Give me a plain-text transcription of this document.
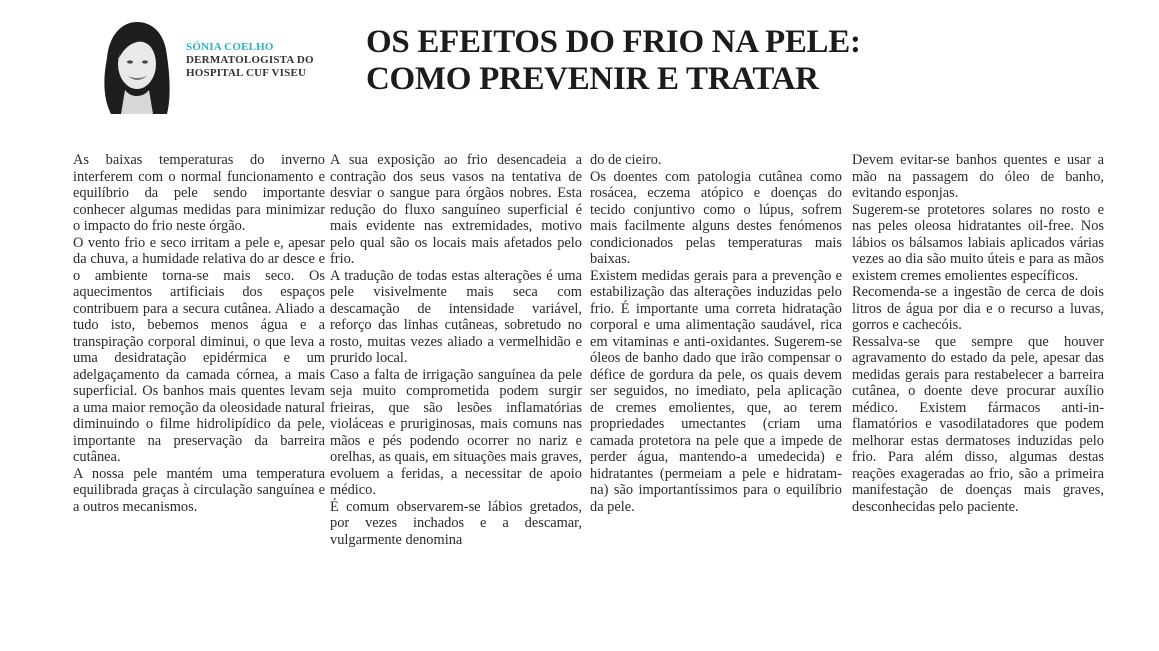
SÓNIA COELHO
DERMATOLOGISTA DO
HOSPITAL CUF VISEU
OS EFEITOS DO FRIO NA PELE:
COMO PREVENIR E TRATAR

As baixas temperaturas do inverno interferem com o normal funcionamento e equilíbrio da pele sendo importante conhecer algumas medidas para minimizar o impacto do frio neste órgão.

O vento frio e seco irritam a pele e, apesar da chuva, a humidade relativa do ar desce e o ambiente torna-se mais seco. Os aquecimentos artificiais dos espaços contribuem para a secura cutânea. Aliado a tudo isto, bebemos menos água e a transpiração corporal diminui, o que leva a uma desidratação epidérmica e um adelgaçamento da camada córnea, a mais superficial. Os banhos mais quentes levam a uma maior remoção da oleosidade natural diminuindo o filme hidrolipídico da pele, importante na preservação da barreira cutânea.

A nossa pele mantém uma temperatura equilibrada graças à circulação sanguínea e a outros mecanismos.

A sua exposição ao frio desencadeia a contração dos seus vasos na tentativa de desviar o sangue para órgãos nobres. Esta redução do fluxo sanguíneo superficial é mais evidente nas extremidades, motivo pelo qual são os locais mais afetados pelo frio.

A tradução de todas estas alterações é uma pele visivelmente mais seca com descamação de intensidade variável, reforço das linhas cutâneas, sobretudo no rosto, muitas vezes aliado a vermelhidão e prurido local.

Caso a falta de irrigação sanguínea da pele seja muito comprometida podem surgir frieiras, que são lesões inflamatórias violáceas e pruriginosas, mais comuns nas mãos e pés podendo ocorrer no nariz e orelhas, as quais, em situações mais graves, evoluem a feridas, a necessitar de apoio médico.

É comum observarem-se lábios gretados, por vezes inchados e a descamar, vulgarmente denomina

do de cieiro.

Os doentes com patologia cutânea como rosácea, eczema atópico e doenças do tecido conjuntivo como o lúpus, sofrem mais facilmente alguns destes fenómenos condicionados pelas temperaturas mais baixas.

Existem medidas gerais para a prevenção e estabilização das alterações induzidas pelo frio. É importante uma correta hidratação corporal e uma alimentação saudável, rica em vitaminas e anti-oxidantes. Sugerem-se óleos de banho dado que irão compensar o défice de gordura da pele, os quais devem ser seguidos, no imediato, pela aplicação de cremes emolientes, que, ao terem propriedades umectantes (criam uma camada protetora na pele que a impede de perder água, mantendo-a umedecida) e hidratantes (permeiam a pele e hidratam-na) são importantíssimos para o equilíbrio da pele.

Devem evitar-se banhos quentes e usar a mão na passagem do óleo de banho, evitando esponjas.

Sugerem-se protetores solares no rosto e nas peles oleosa hidratantes oil-free. Nos lábios os bálsamos labiais aplicados várias vezes ao dia são muito úteis e para as mãos existem cremes emolientes específicos.

Recomenda-se a ingestão de cerca de dois litros de água por dia e o recurso a luvas, gorros e cachecóis.

Ressalva-se que sempre que houver agravamento do estado da pele, apesar das medidas gerais para restabelecer a barreira cutânea, o doente deve procurar auxílio médico. Existem fármacos anti-inflamatórios e vasodilatadores que podem melhorar estas dermatoses induzidas pelo frio. Para além disso, algumas destas reações exageradas ao frio, são a primeira manifestação de doenças mais graves, desconhecidas pelo paciente.
